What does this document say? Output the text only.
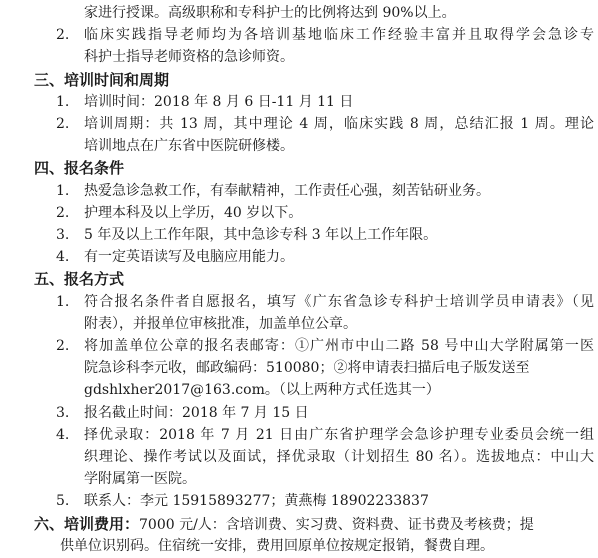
家进行授课。高级职称和专科护士的比例将达到 90%以上。
2. 临床实践指导老师均为各培训基地临床工作经验丰富并且取得学会急诊专
科护士指导老师资格的急诊师资。
三、培训时间和周期
1. 培训时间：2018 年 8 月 6 日-11 月 11 日
2. 培训周期：共 13 周，其中理论 4 周，临床实践 8 周，总结汇报 1 周。理论
培训地点在广东省中医院研修楼。
四、报名条件
1. 热爱急诊急救工作，有奉献精神，工作责任心强，刻苦钻研业务。
2. 护理本科及以上学历，40 岁以下。
3. 5 年及以上工作年限，其中急诊专科 3 年以上工作年限。
4. 有一定英语读写及电脑应用能力。
五、报名方式
1. 符合报名条件者自愿报名，填写《广东省急诊专科护士培训学员申请表》（见
附表），并报单位审核批准，加盖单位公章。
2. 将加盖单位公章的报名表邮寄：①广州市中山二路 58 号中山大学附属第一医
院急诊科李元收，邮政编码：510080；②将申请表扫描后电子版发送至
gdshlxher2017@163.com。（以上两种方式任选其一）
3. 报名截止时间：2018 年 7 月 15 日
4. 择优录取：2018 年 7 月 21 日由广东省护理学会急诊护理专业委员会统一组
织理论、操作考试以及面试，择优录取（计划招生 80 名）。选拔地点：中山大
学附属第一医院。
5. 联系人：李元 15915893277；黄燕梅 18902233837
六、培训费用：7000 元/人：含培训费、实习费、资料费、证书费及考核费；提
供单位识别码。住宿统一安排，费用回原单位按规定报销，餐费自理。
